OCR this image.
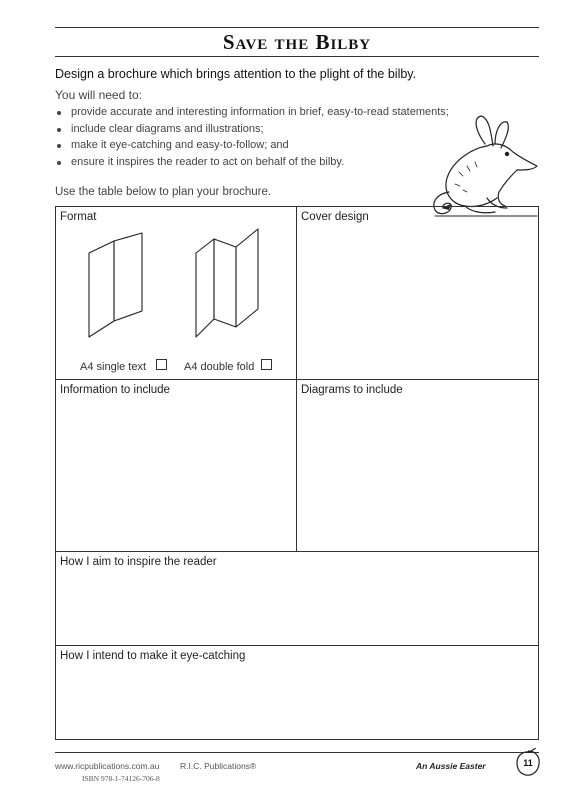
Save the Bilby
Design a brochure which brings attention to the plight of the bilby.
You will need to:
provide accurate and interesting information in brief, easy-to-read statements;
include clear diagrams and illustrations;
make it eye-catching and easy-to-follow; and
ensure it inspires the reader to act on behalf of the bilby.
Use the table below to plan your brochure.
Format
A4 single text	A4 double fold
Cover design
Information to include	Diagrams to include
How I aim to inspire the reader
How I intend to make it eye-catching
www.ricpublications.com.au R.I.C. Publications®
ISBN 978-1-74126-706-8
An Aussie Easter	11
